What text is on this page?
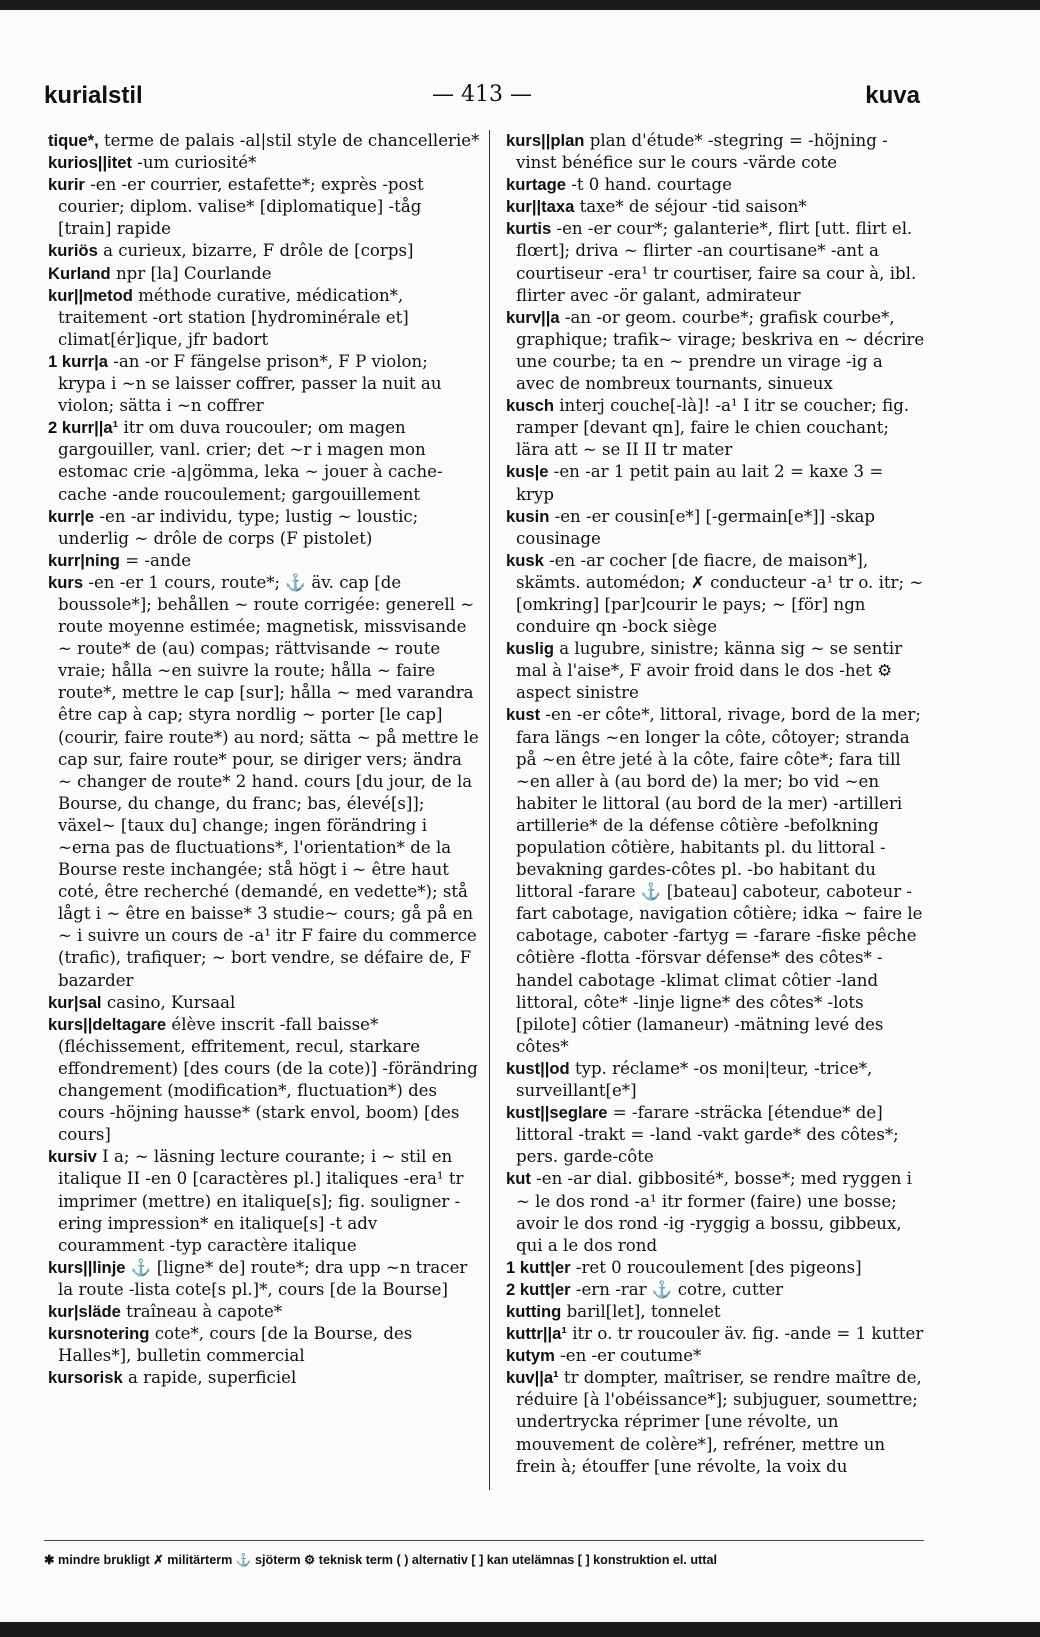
kurialstil	— 413 —	kuva

tique*, terme de palais -al|stil style de chancellerie*

kurios||itet -um curiosité*

kurir -en -er courrier, estafette*; exprès -post courier; diplom. valise* [diplomatique] -tåg [train] rapide

kuriös a curieux, bizarre, F drôle de [corps]

Kurland npr [la] Courlande

kur||metod méthode curative, médication*, traitement -ort station [hydrominérale et] climat[ér]ique, jfr badort

1 kurr|a -an -or F fängelse prison*, F P violon; krypa i ~n se laisser coffrer, passer la nuit au violon; sätta i ~n coffrer

2 kurr||a¹ itr om duva roucouler; om magen gargouiller, vanl. crier; det ~r i magen mon estomac crie -a|gömma, leka ~ jouer à cache-cache -ande roucoulement; gargouillement

kurr|e -en -ar individu, type; lustig ~ loustic; underlig ~ drôle de corps (F pistolet)

kurr|ning = -ande

kurs -en -er 1 cours, route*; ⚓ äv. cap [de boussole*]; behållen ~ route corrigée: generell ~ route moyenne estimée; magnetisk, missvisande ~ route* de (au) compas; rättvisande ~ route vraie; hålla ~en suivre la route; hålla ~ faire route*, mettre le cap [sur]; hålla ~ med varandra être cap à cap; styra nordlig ~ porter [le cap] (courir, faire route*) au nord; sätta ~ på mettre le cap sur, faire route* pour, se diriger vers; ändra ~ changer de route* 2 hand. cours [du jour, de la Bourse, du change, du franc; bas, élevé[s]]; växel~ [taux du] change; ingen förändring i ~erna pas de fluctuations*, l'orientation* de la Bourse reste inchangée; stå högt i ~ être haut coté, être recherché (demandé, en vedette*); stå lågt i ~ être en baisse* 3 studie~ cours; gå på en ~ i suivre un cours de -a¹ itr F faire du commerce (trafic), trafiquer; ~ bort vendre, se défaire de, F bazarder

kur|sal casino, Kursaal

kurs||deltagare élève inscrit -fall baisse* (fléchissement, effritement, recul, starkare effondrement) [des cours (de la cote)] -förändring changement (modification*, fluctuation*) des cours -höjning hausse* (stark envol, boom) [des cours]

kursiv I a; ~ läsning lecture courante; i ~ stil en italique II -en 0 [caractères pl.] italiques -era¹ tr imprimer (mettre) en italique[s]; fig. souligner -ering impression* en italique[s] -t adv couramment -typ caractère italique

kurs||linje ⚓ [ligne* de] route*; dra upp ~n tracer la route -lista cote[s pl.]*, cours [de la Bourse]

kur|släde traîneau à capote*

kursnotering cote*, cours [de la Bourse, des Halles*], bulletin commercial

kursorisk a rapide, superficiel

kurs||plan plan d'étude* -stegring = -höjning -vinst bénéfice sur le cours -värde cote

kurtage -t 0 hand. courtage

kur||taxa taxe* de séjour -tid saison*

kurtis -en -er cour*; galanterie*, flirt [utt. flirt el. flœrt]; driva ~ flirter -an courtisane* -ant a courtiseur -era¹ tr courtiser, faire sa cour à, ibl. flirter avec -ör galant, admirateur

kurv||a -an -or geom. courbe*; grafisk courbe*, graphique; trafik~ virage; beskriva en ~ décrire une courbe; ta en ~ prendre un virage -ig a avec de nombreux tournants, sinueux

kusch interj couche[-là]! -a¹ I itr se coucher; fig. ramper [devant qn], faire le chien couchant; lära att ~ se II II tr mater

kus|e -en -ar 1 petit pain au lait 2 = kaxe 3 = kryp

kusin -en -er cousin[e*] [-germain[e*]] -skap cousinage

kusk -en -ar cocher [de fiacre, de maison*], skämts. automédon; ✗ conducteur -a¹ tr o. itr; ~ [omkring] [par]courir le pays; ~ [för] ngn conduire qn -bock siège

kuslig a lugubre, sinistre; känna sig ~ se sentir mal à l'aise*, F avoir froid dans le dos -het ⚙ aspect sinistre

kust -en -er côte*, littoral, rivage, bord de la mer; fara längs ~en longer la côte, côtoyer; stranda på ~en être jeté à la côte, faire côte*; fara till ~en aller à (au bord de) la mer; bo vid ~en habiter le littoral (au bord de la mer) -artilleri artillerie* de la défense côtière -befolkning population côtière, habitants pl. du littoral -bevakning gardes-côtes pl. -bo habitant du littoral -farare ⚓ [bateau] caboteur, caboteur -fart cabotage, navigation côtière; idka ~ faire le cabotage, caboter -fartyg = -farare -fiske pêche côtière -flotta -försvar défense* des côtes* -handel cabotage -klimat climat côtier -land littoral, côte* -linje ligne* des côtes* -lots [pilote] côtier (lamaneur) -mätning levé des côtes*

kust||od typ. réclame* -os moni|teur, -trice*, surveillant[e*]

kust||seglare = -farare -sträcka [étendue* de] littoral -trakt = -land -vakt garde* des côtes*; pers. garde-côte

kut -en -ar dial. gibbosité*, bosse*; med ryggen i ~ le dos rond -a¹ itr former (faire) une bosse; avoir le dos rond -ig -ryggig a bossu, gibbeux, qui a le dos rond

1 kutt|er -ret 0 roucoulement [des pigeons]

2 kutt|er -ern -rar ⚓ cotre, cutter

kutting baril[let], tonnelet

kuttr||a¹ itr o. tr roucouler äv. fig. -ande = 1 kutter

kutym -en -er coutume*

kuv||a¹ tr dompter, maîtriser, se rendre maître de, réduire [à l'obéissance*]; subjuguer, soumettre; undertrycka réprimer [une révolte, un mouvement de colère*], refréner, mettre un frein à; étouffer [une révolte, la voix du

✱ mindre brukligt ✗ militärterm ⚓ sjöterm ⚙ teknisk term ( ) alternativ [ ] kan utelämnas [ ] konstruktion el. uttal
